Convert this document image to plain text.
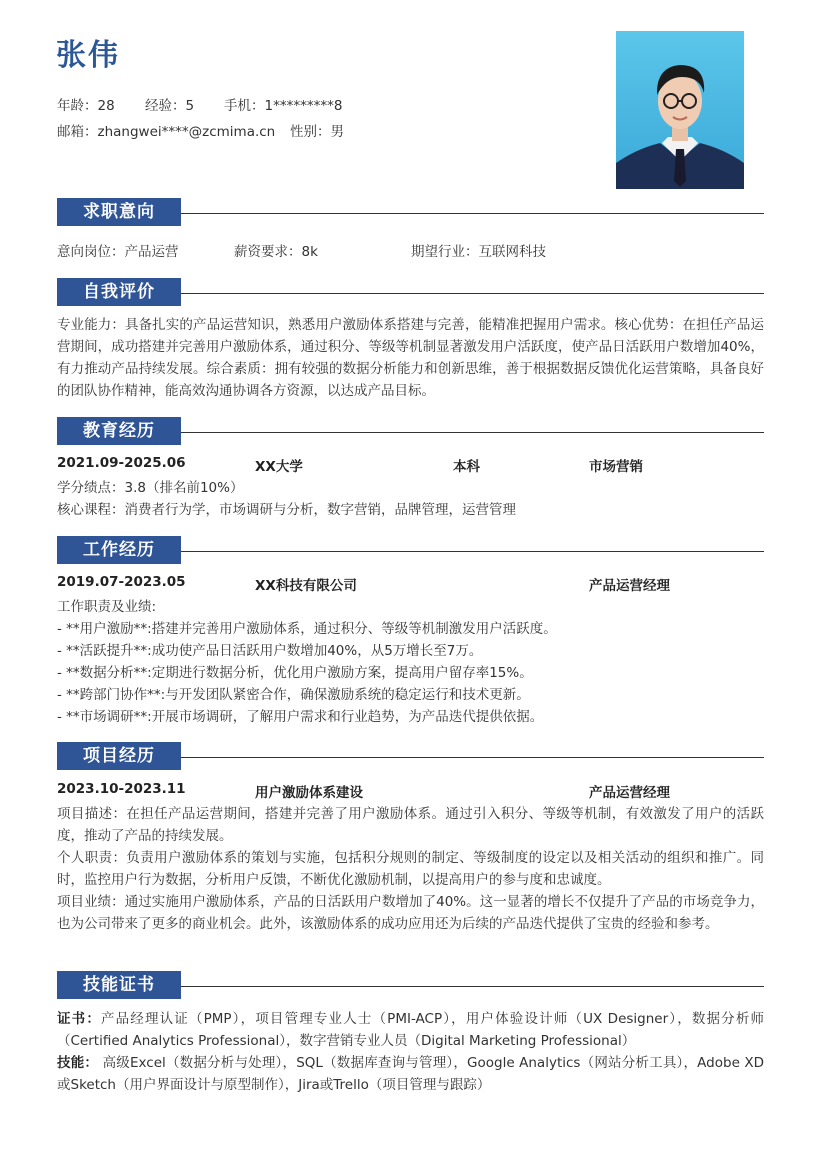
张伟
年龄：28 经验：5 手机：1*********8
邮箱：zhangwei****@zcmima.cn 性别：男
求职意向
意向岗位：产品运营	薪资要求：8k	期望行业：互联网科技
自我评价
专业能力：具备扎实的产品运营知识，熟悉用户激励体系搭建与完善，能精准把握用户需求。核心优势：在担任产品运营期间，成功搭建并完善用户激励体系，通过积分、等级等机制显著激发用户活跃度，使产品日活跃用户数增加40%，有力推动产品持续发展。综合素质：拥有较强的数据分析能力和创新思维，善于根据数据反馈优化运营策略，具备良好的团队协作精神，能高效沟通协调各方资源，以达成产品目标。
教育经历
2021.09-2025.06	XX大学	本科	市场营销

学分绩点：3.8（排名前10%）

核心课程：消费者行为学，市场调研与分析，数字营销，品牌管理，运营管理

工作经历
2019.07-2023.05	XX科技有限公司	产品运营经理

工作职责及业绩:

- **用户激励**:搭建并完善用户激励体系，通过积分、等级等机制激发用户活跃度。

- **活跃提升**:成功使产品日活跃用户数增加40%，从5万增长至7万。

- **数据分析**:定期进行数据分析，优化用户激励方案，提高用户留存率15%。

- **跨部门协作**:与开发团队紧密合作，确保激励系统的稳定运行和技术更新。

- **市场调研**:开展市场调研，了解用户需求和行业趋势，为产品迭代提供依据。

项目经历
2023.10-2023.11	用户激励体系建设	产品运营经理

项目描述：在担任产品运营期间，搭建并完善了用户激励体系。通过引入积分、等级等机制，有效激发了用户的活跃度，推动了产品的持续发展。

个人职责：负责用户激励体系的策划与实施，包括积分规则的制定、等级制度的设定以及相关活动的组织和推广。同时，监控用户行为数据，分析用户反馈，不断优化激励机制，以提高用户的参与度和忠诚度。

项目业绩：通过实施用户激励体系，产品的日活跃用户数增加了40%。这一显著的增长不仅提升了产品的市场竞争力，也为公司带来了更多的商业机会。此外，该激励体系的成功应用还为后续的产品迭代提供了宝贵的经验和参考。

技能证书

证书：产品经理认证（PMP），项目管理专业人士（PMI-ACP），用户体验设计师（UX Designer），数据分析师（Certified Analytics Professional），数字营销专业人员（Digital Marketing Professional）

技能： 高级Excel（数据分析与处理），SQL（数据库查询与管理），Google Analytics（网站分析工具），Adobe XD或Sketch（用户界面设计与原型制作），Jira或Trello（项目管理与跟踪）
